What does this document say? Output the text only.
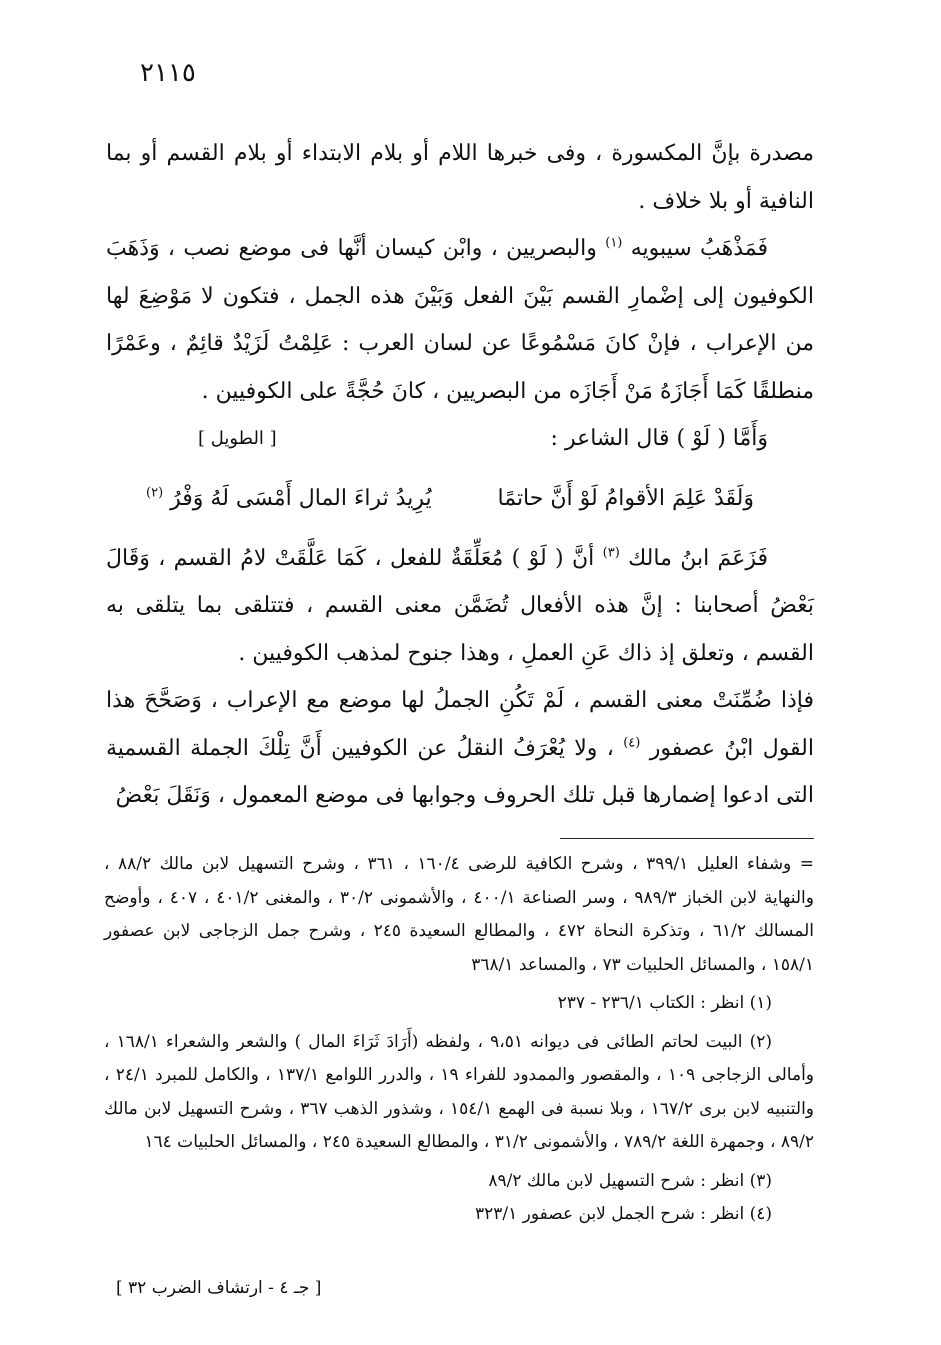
٢١١٥

مصدرة بإنَّ المكسورة ، وفى خبرها اللام أو بلام الابتداء أو بلام القسم أو بما النافية أو بلا خلاف .

فَمَذْهَبُ سيبويه $^{(١)}$ والبصريين ، وابْن كيسان أنَّها فى موضع نصب ، وَذَهَبَ الكوفيون إلى إضْمارِ القسم بَيْنَ الفعل وَبَيْنَ هذه الجمل ، فتكون لا مَوْضِعَ لها من الإعراب ، فإنْ كانَ مَسْمُوعًا عن لسان العرب : عَلِمْتُ لَزَيْدٌ قائِمٌ ، وعَمْرًا منطلقًا كَمَا أَجَازَهُ مَنْ أَجَازَه من البصريين ، كانَ حُجَّةً على الكوفيين .

وَأَمَّا ( لَوْ ) قال الشاعر :
[ الطويل ]
وَلَقَدْ عَلِمَ الأقوامُ لَوْ أَنَّ حاتمًا
يُرِيدُ ثراءَ المال أَمْسَى لَهُ وَفْرُ $^{(٢)}$

فَزَعَمَ ابنُ مالك $^{(٣)}$ أنَّ ( لَوْ ) مُعَلِّقَةٌ للفعل ، كَمَا عَلَّقَتْ لامُ القسم ، وَقَالَ بَعْضُ أصحابنا : إنَّ هذه الأفعال تُضَمَّن معنى القسم ، فتتلقى بما يتلقى به القسم ، وتعلق إذ ذاك عَنِ العملِ ، وهذا جنوح لمذهب الكوفيين .

فإذا ضُمِّنَتْ معنى القسم ، لَمْ تَكُنِ الجملُ لها موضع مع الإعراب ، وَصَحَّحَ هذا القول ابْنُ عصفور $^{(٤)}$ ، ولا يُعْرَفُ النقلُ عن الكوفيين أَنَّ تِلْكَ الجملة القسمية التى ادعوا إضمارها قبل تلك الحروف وجوابها فى موضع المعمول ، وَنَقَلَ بَعْضُ

= وشفاء العليل ٣٩٩/١ ، وشرح الكافية للرضى ١٦٠/٤ ، ٣٦١ ، وشرح التسهيل لابن مالك ٨٨/٢ ، والنهاية لابن الخباز ٩٨٩/٣ ، وسر الصناعة ٤٠٠/١ ، والأشمونى ٣٠/٢ ، والمغنى ٤٠١/٢ ، ٤٠٧ ، وأوضح المسالك ٦١/٢ ، وتذكرة النحاة ٤٧٢ ، والمطالع السعيدة ٢٤٥ ، وشرح جمل الزجاجى لابن عصفور ١٥٨/١ ، والمسائل الحلبيات ٧٣ ، والمساعد ٣٦٨/١

(١) انظر : الكتاب ٢٣٦/١ - ٢٣٧

(٢) البيت لحاتم الطائى فى ديوانه ٩،٥١ ، ولفظه (أَرَادَ ثَرَاءَ المال ) والشعر والشعراء ١٦٨/١ ، وأمالى الزجاجى ١٠٩ ، والمقصور والممدود للفراء ١٩ ، والدرر اللوامع ١٣٧/١ ، والكامل للمبرد ٢٤/١ ، والتنبيه لابن برى ١٦٧/٢ ، وبلا نسبة فى الهمع ١٥٤/١ ، وشذور الذهب ٣٦٧ ، وشرح التسهيل لابن مالك ٨٩/٢ ، وجمهرة اللغة ٧٨٩/٢ ، والأشمونى ٣١/٢ ، والمطالع السعيدة ٢٤٥ ، والمسائل الحلبيات ١٦٤

(٣) انظر : شرح التسهيل لابن مالك ٨٩/٢

(٤) انظر : شرح الجمل لابن عصفور ٣٢٣/١

[ جـ ٤ - ارتشاف الضرب ٣٢ ]
